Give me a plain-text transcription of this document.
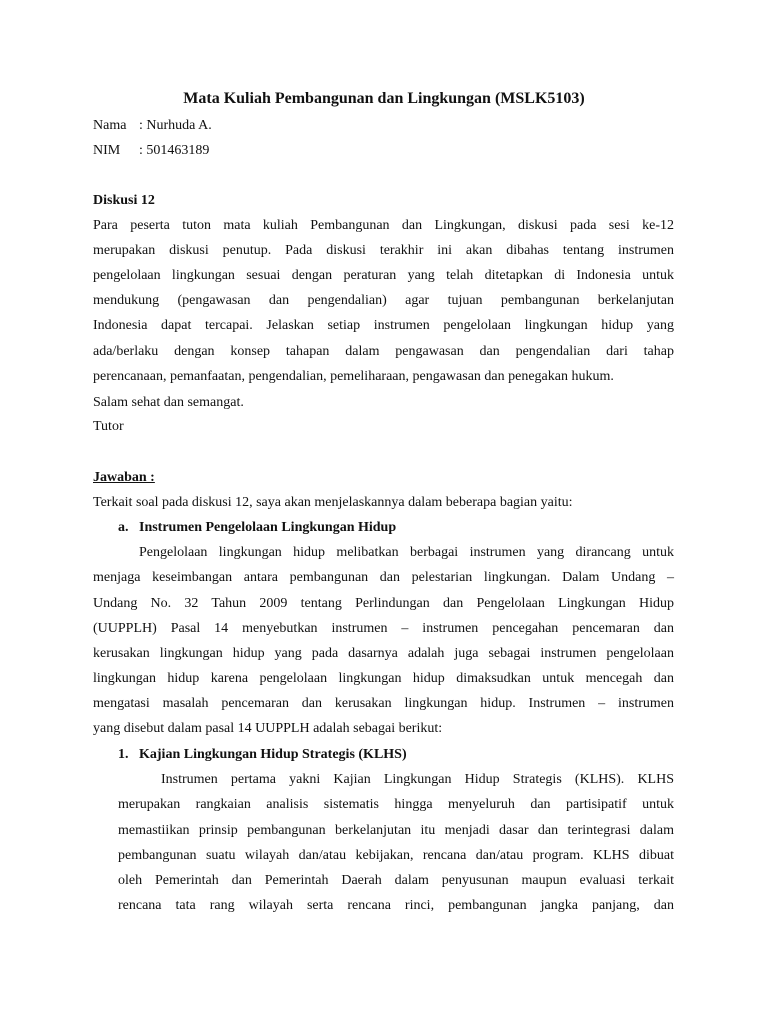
Mata Kuliah Pembangunan dan Lingkungan (MSLK5103)
Nama : Nurhuda A.
NIM : 501463189
Diskusi 12
Para peserta tuton mata kuliah Pembangunan dan Lingkungan, diskusi pada sesi ke-12
merupakan diskusi penutup. Pada diskusi terakhir ini akan dibahas tentang instrumen
pengelolaan lingkungan sesuai dengan peraturan yang telah ditetapkan di Indonesia untuk
mendukung (pengawasan dan pengendalian) agar tujuan pembangunan berkelanjutan
Indonesia dapat tercapai. Jelaskan setiap instrumen pengelolaan lingkungan hidup yang
ada/berlaku dengan konsep tahapan dalam pengawasan dan pengendalian dari tahap
perencanaan, pemanfaatan, pengendalian, pemeliharaan, pengawasan dan penegakan hukum.
Salam sehat dan semangat.
Tutor
Jawaban :
Terkait soal pada diskusi 12, saya akan menjelaskannya dalam beberapa bagian yaitu:
a. Instrumen Pengelolaan Lingkungan Hidup
Pengelolaan lingkungan hidup melibatkan berbagai instrumen yang dirancang untuk
menjaga keseimbangan antara pembangunan dan pelestarian lingkungan. Dalam Undang –
Undang No. 32 Tahun 2009 tentang Perlindungan dan Pengelolaan Lingkungan Hidup
(UUPPLH) Pasal 14 menyebutkan instrumen – instrumen pencegahan pencemaran dan
kerusakan lingkungan hidup yang pada dasarnya adalah juga sebagai instrumen pengelolaan
lingkungan hidup karena pengelolaan lingkungan hidup dimaksudkan untuk mencegah dan
mengatasi masalah pencemaran dan kerusakan lingkungan hidup. Instrumen – instrumen
yang disebut dalam pasal 14 UUPPLH adalah sebagai berikut:
1. Kajian Lingkungan Hidup Strategis (KLHS)
Instrumen pertama yakni Kajian Lingkungan Hidup Strategis (KLHS). KLHS
merupakan rangkaian analisis sistematis hingga menyeluruh dan partisipatif untuk
memastiikan prinsip pembangunan berkelanjutan itu menjadi dasar dan terintegrasi dalam
pembangunan suatu wilayah dan/atau kebijakan, rencana dan/atau program. KLHS dibuat
oleh Pemerintah dan Pemerintah Daerah dalam penyusunan maupun evaluasi terkait
rencana tata rang wilayah serta rencana rinci, pembangunan jangka panjang, dan
